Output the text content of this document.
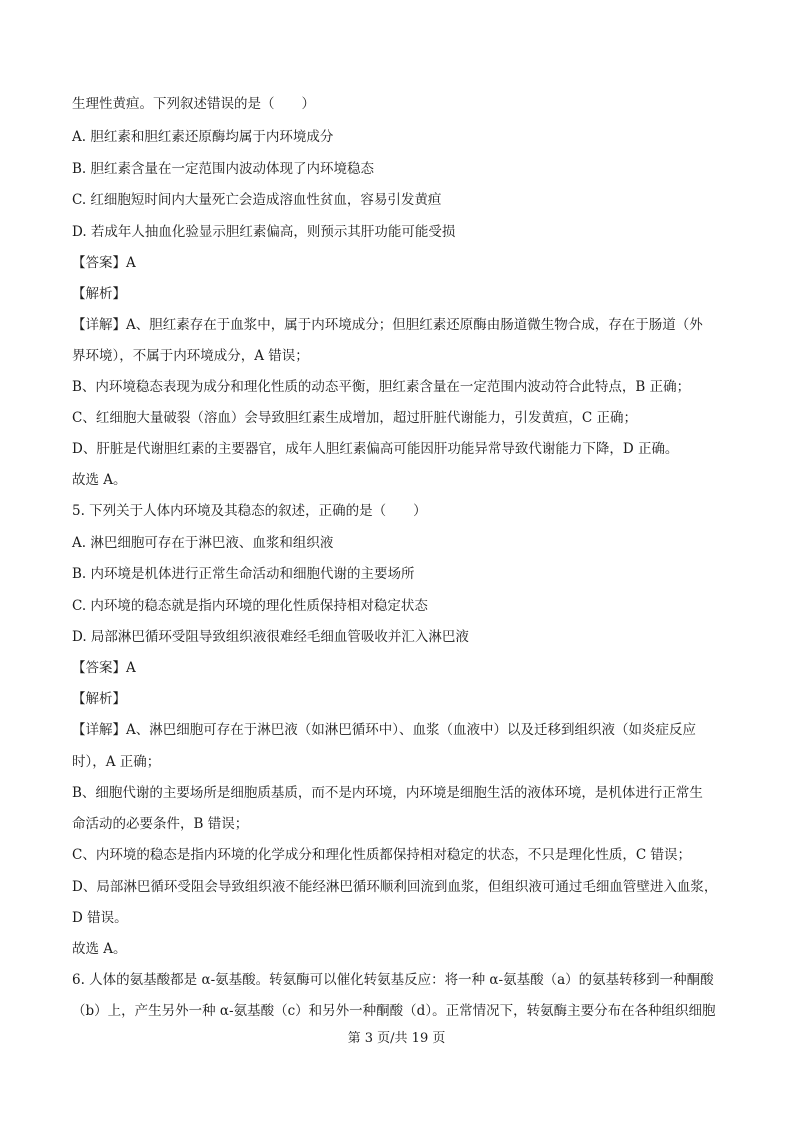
生理性黄疸。下列叙述错误的是（　　）
A. 胆红素和胆红素还原酶均属于内环境成分
B. 胆红素含量在一定范围内波动体现了内环境稳态
C. 红细胞短时间内大量死亡会造成溶血性贫血，容易引发黄疸
D. 若成年人抽血化验显示胆红素偏高，则预示其肝功能可能受损
【答案】A
【解析】
【详解】A、胆红素存在于血浆中，属于内环境成分；但胆红素还原酶由肠道微生物合成，存在于肠道（外
界环境），不属于内环境成分，A 错误；
B、内环境稳态表现为成分和理化性质的动态平衡，胆红素含量在一定范围内波动符合此特点，B 正确；
C、红细胞大量破裂（溶血）会导致胆红素生成增加，超过肝脏代谢能力，引发黄疸，C 正确；
D、肝脏是代谢胆红素的主要器官，成年人胆红素偏高可能因肝功能异常导致代谢能力下降，D 正确。
故选 A。
5. 下列关于人体内环境及其稳态的叙述，正确的是（　　）
A. 淋巴细胞可存在于淋巴液、血浆和组织液
B. 内环境是机体进行正常生命活动和细胞代谢的主要场所
C. 内环境的稳态就是指内环境的理化性质保持相对稳定状态
D. 局部淋巴循环受阻导致组织液很难经毛细血管吸收并汇入淋巴液
【答案】A
【解析】
【详解】A、淋巴细胞可存在于淋巴液（如淋巴循环中）、血浆（血液中）以及迁移到组织液（如炎症反应
时），A 正确；
B、细胞代谢的主要场所是细胞质基质，而不是内环境，内环境是细胞生活的液体环境，是机体进行正常生
命活动的必要条件，B 错误；
C、内环境的稳态是指内环境的化学成分和理化性质都保持相对稳定的状态，不只是理化性质，C 错误；
D、局部淋巴循环受阻会导致组织液不能经淋巴循环顺利回流到血浆，但组织液可通过毛细血管壁进入血浆，
D 错误。
故选 A。
6. 人体的氨基酸都是 α-氨基酸。转氨酶可以催化转氨基反应：将一种 α-氨基酸（a）的氨基转移到一种酮酸
（b）上，产生另外一种 α-氨基酸（c）和另外一种酮酸（d）。正常情况下，转氨酶主要分布在各种组织细胞
第 3 页/共 19 页
